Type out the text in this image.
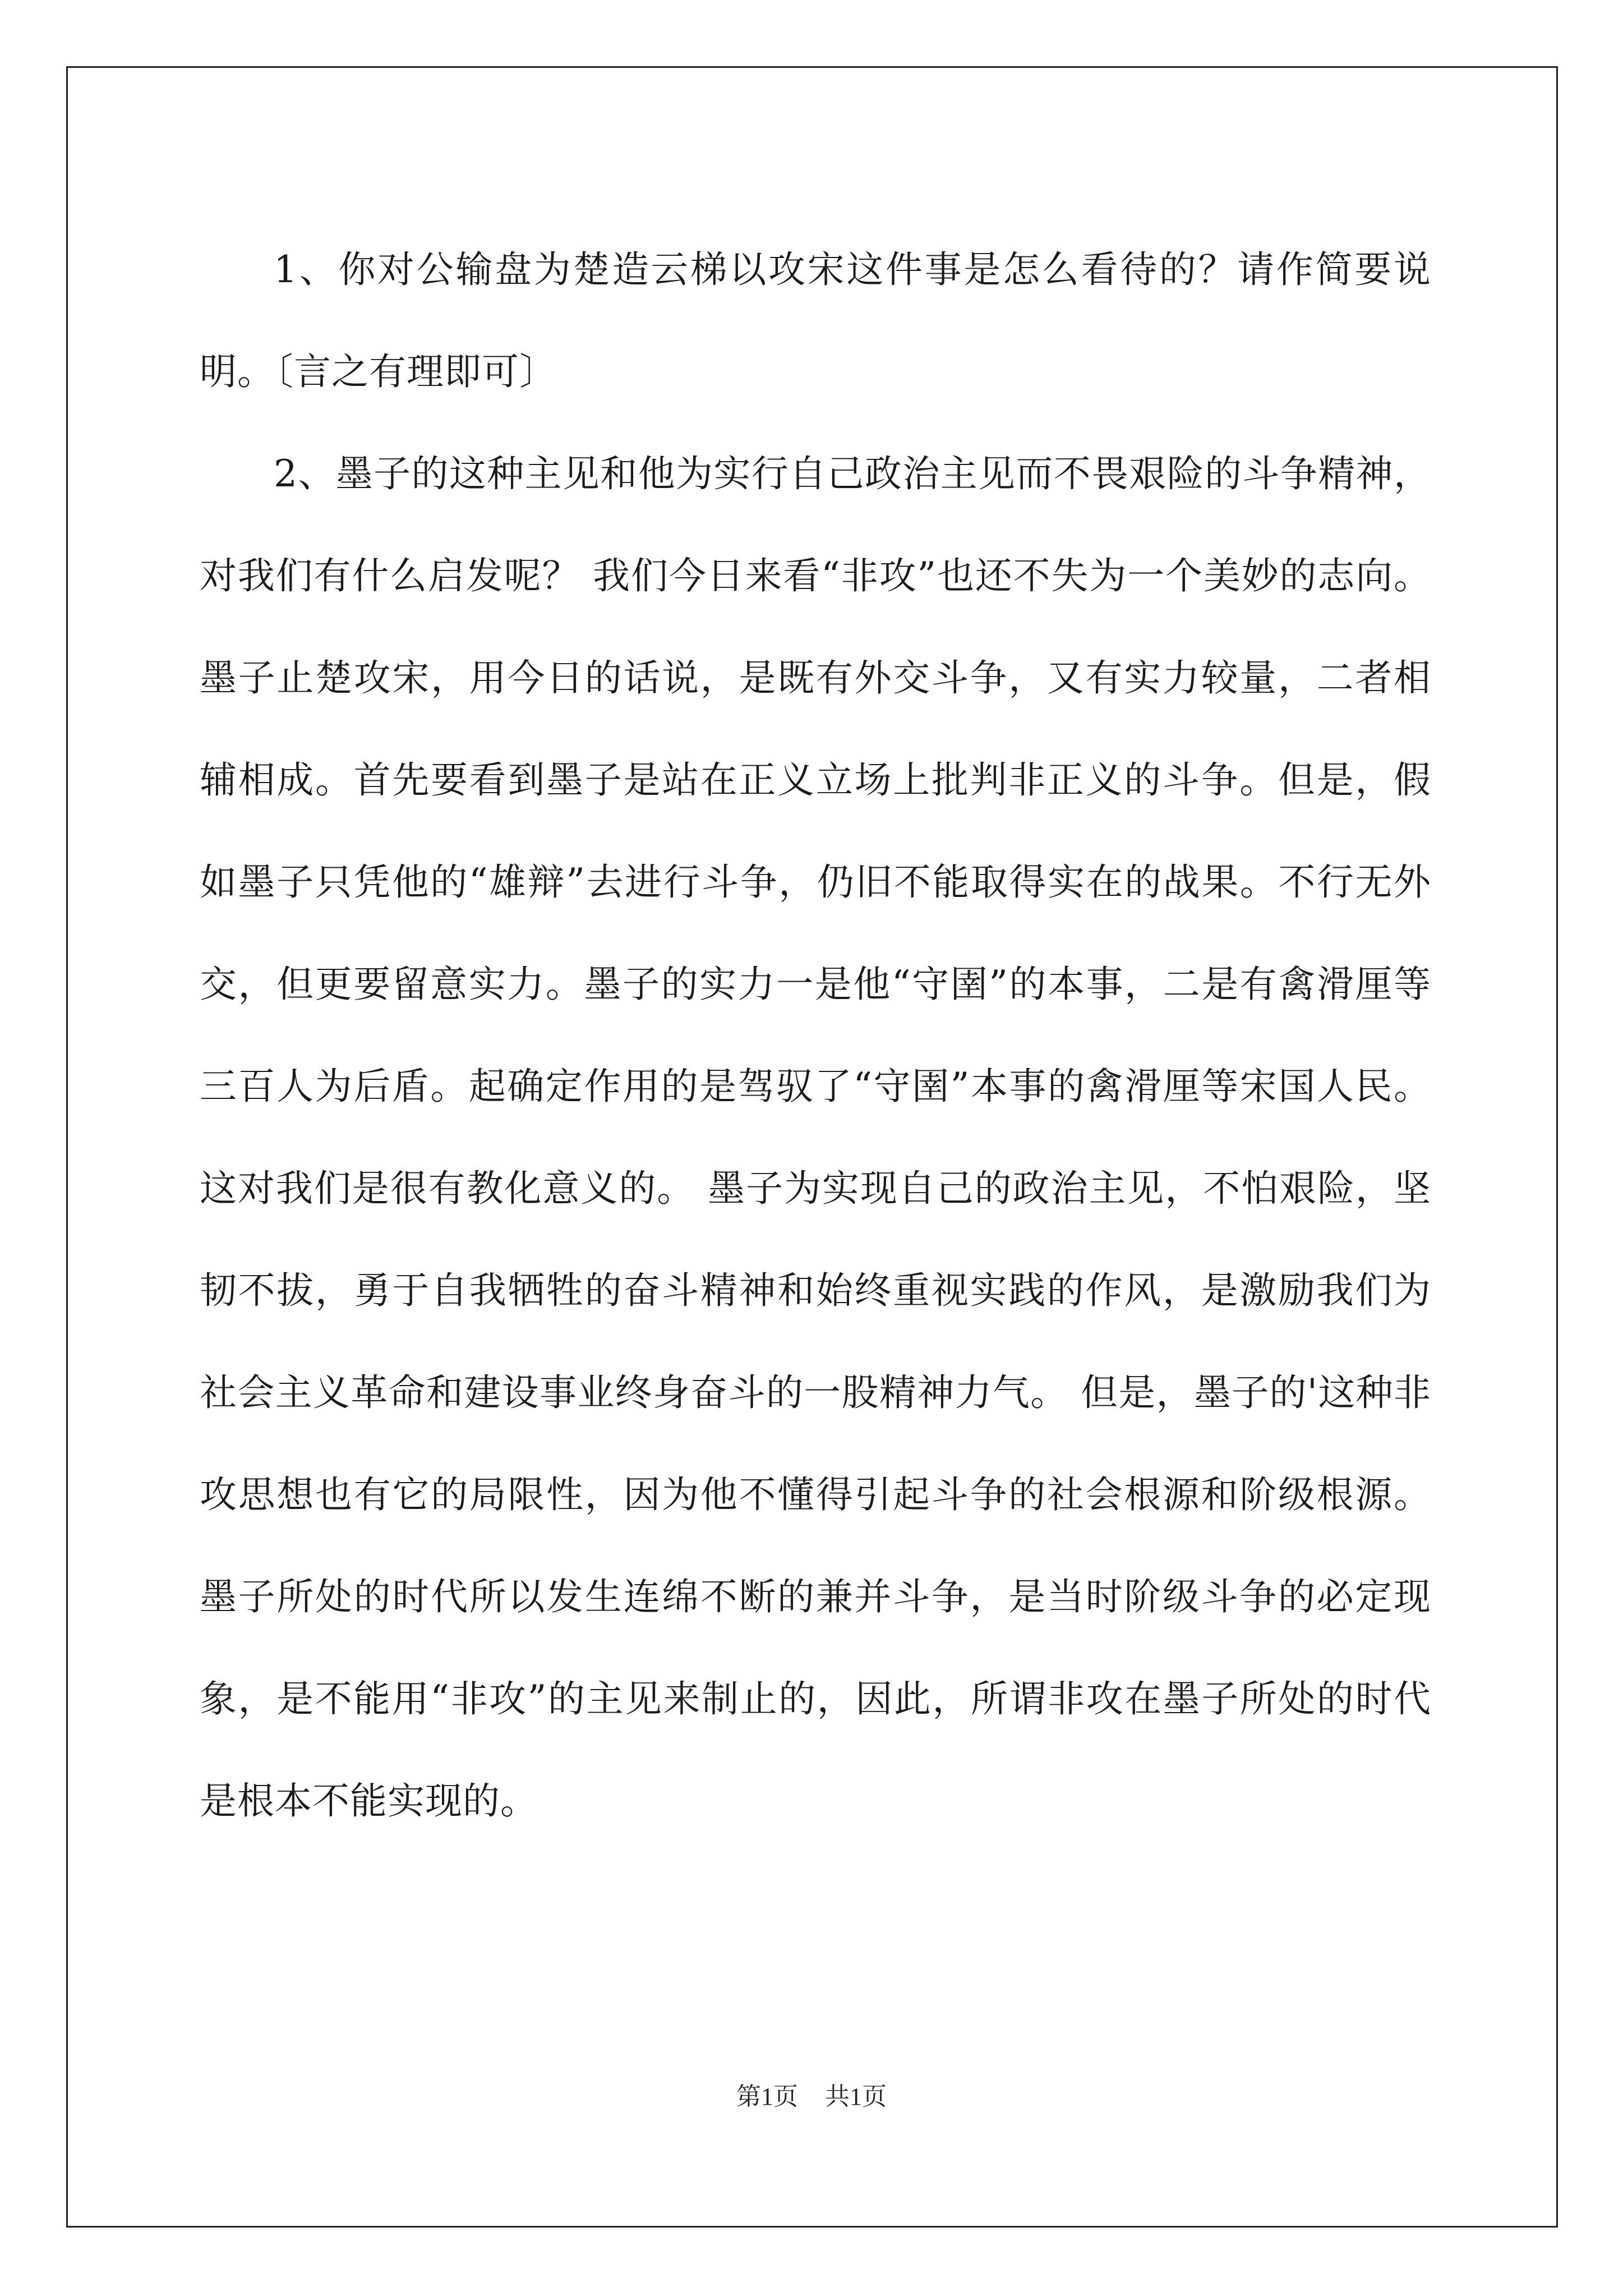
1、你对公输盘为楚造云梯以攻宋这件事是怎么看待的？请作简要说明。〔言之有理即可〕

2、墨子的这种主见和他为实行自己政治主见而不畏艰险的斗争精神，对我们有什么启发呢？ 我们今日来看“非攻”也还不失为一个美妙的志向。墨子止楚攻宋，用今日的话说，是既有外交斗争，又有实力较量，二者相辅相成。首先要看到墨子是站在正义立场上批判非正义的斗争。但是，假如墨子只凭他的“雄辩”去进行斗争，仍旧不能取得实在的战果。不行无外交，但更要留意实力。墨子的实力一是他“守圉”的本事，二是有禽滑厘等三百人为后盾。起确定作用的是驾驭了“守圉”本事的禽滑厘等宋国人民。这对我们是很有教化意义的。 墨子为实现自己的政治主见，不怕艰险，坚韧不拔，勇于自我牺牲的奋斗精神和始终重视实践的作风，是激励我们为社会主义革命和建设事业终身奋斗的一股精神力气。 但是，墨子的'这种非攻思想也有它的局限性，因为他不懂得引起斗争的社会根源和阶级根源。墨子所处的时代所以发生连绵不断的兼并斗争，是当时阶级斗争的必定现象，是不能用“非攻”的主见来制止的，因此，所谓非攻在墨子所处的时代是根本不能实现的。

第1页 共1页
